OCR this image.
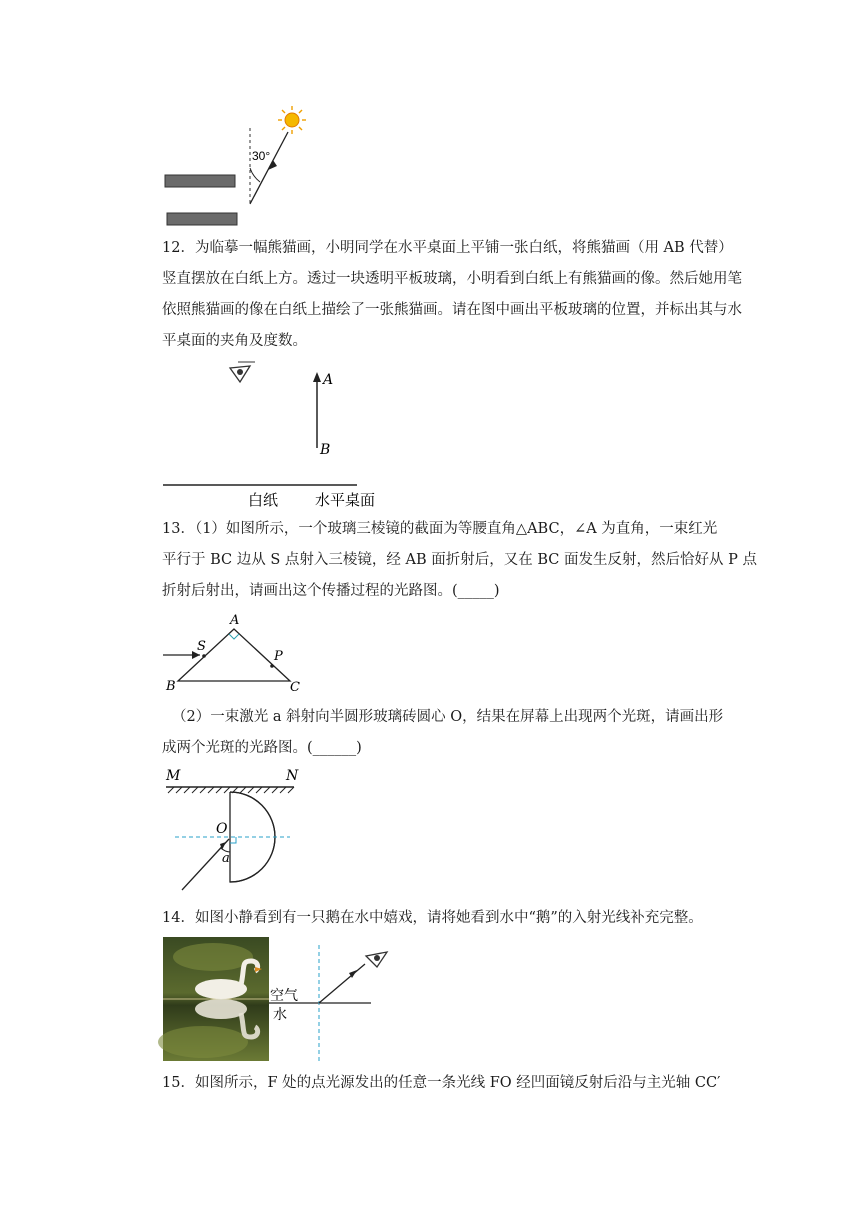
30°
12．为临摹一幅熊猫画，小明同学在水平桌面上平铺一张白纸，将熊猫画（用 AB 代替）
竖直摆放在白纸上方。透过一块透明平板玻璃，小明看到白纸上有熊猫画的像。然后她用笔
依照熊猫画的像在白纸上描绘了一张熊猫画。请在图中画出平板玻璃的位置，并标出其与水
平桌面的夹角及度数。
A
B
白纸 水平桌面
13．（1）如图所示，一个玻璃三棱镜的截面为等腰直角△ABC，∠A 为直角，一束红光
平行于 BC 边从 S 点射入三棱镜，经 AB 面折射后，又在 BC 面发生反射，然后恰好从 P 点
折射后射出，请画出这个传播过程的光路图。(_____)
A
S
P
B	C
（2）一束激光 a 斜射向半圆形玻璃砖圆心 O，结果在屏幕上出现两个光斑，请画出形
成两个光斑的光路图。(______)
M	N
O
a
14．如图小静看到有一只鹅在水中嬉戏，请将她看到水中“鹅”的入射光线补充完整。
空气
水
15．如图所示，F 处的点光源发出的任意一条光线 FO 经凹面镜反射后沿与主光轴 CC′
